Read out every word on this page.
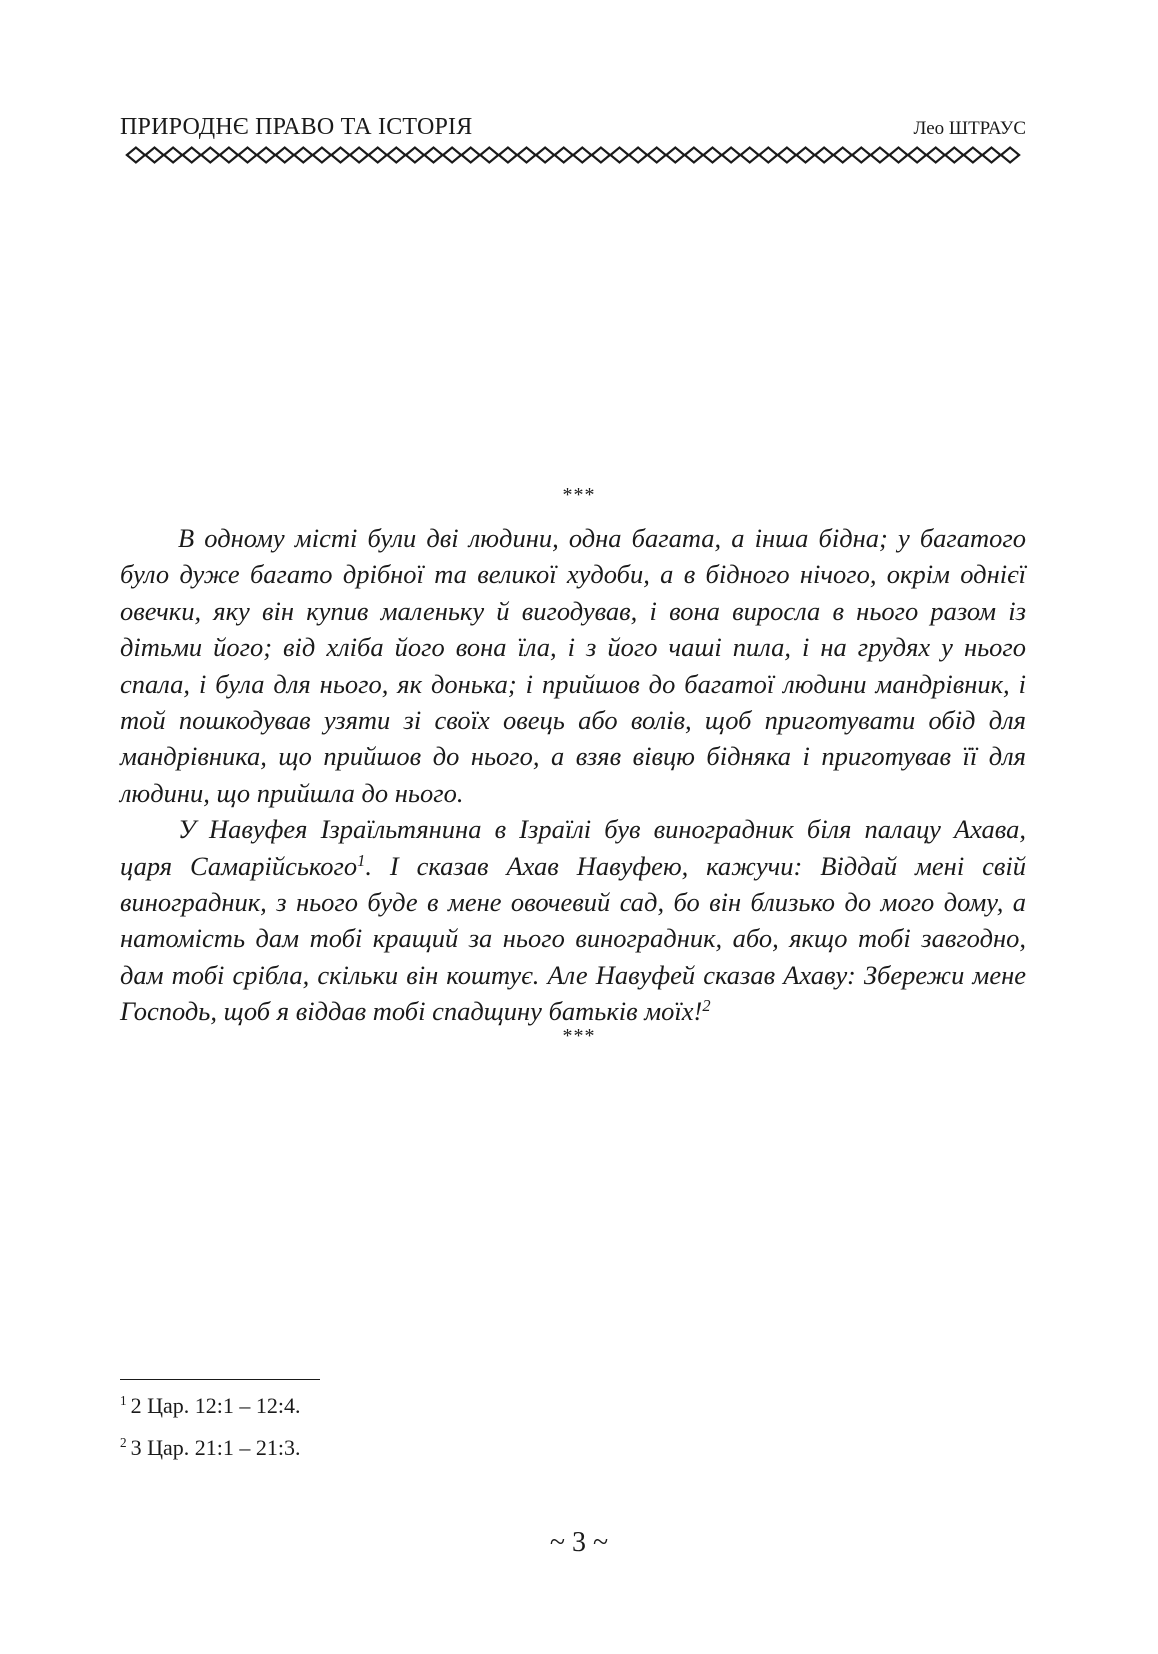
ПРИРОДНЄ ПРАВО ТА ІСТОРІЯ	Лео ШТРАУС
***

В одному місті були дві людини, одна багата, а інша бідна; у багатого було дуже багато дрібної та великої худоби, а в бідного нічого, окрім однієї овечки, яку він купив маленьку й вигодував, і вона виросла в нього разом із дітьми його; від хліба його вона їла, і з його чаші пила, і на грудях у нього спала, і була для нього, як донька; і прийшов до багатої людини мандрівник, і той пошкодував узяти зі своїх овець або волів, щоб приготувати обід для мандрівника, що прийшов до нього, а взяв вівцю бідняка і приготував її для людини, що прийшла до нього.

У Навуфея Ізраїльтянина в Ізраїлі був виноградник біля палацу Ахава, царя Самарійського$^1$. І сказав Ахав Навуфею, кажучи: Віддай мені свій виноградник, з нього буде в мене овочевий сад, бо він близько до мого дому, а натомість дам тобі кращий за нього виноградник, або, якщо тобі завгодно, дам тобі срібла, скільки він коштує. Але Навуфей сказав Ахаву: Збережи мене Господь, щоб я віддав тобі спадщину батьків моїх!$^2$

***

$^1$ 2 Цар. 12:1 – 12:4.

$^2$ 3 Цар. 21:1 – 21:3.

~ 3 ~
